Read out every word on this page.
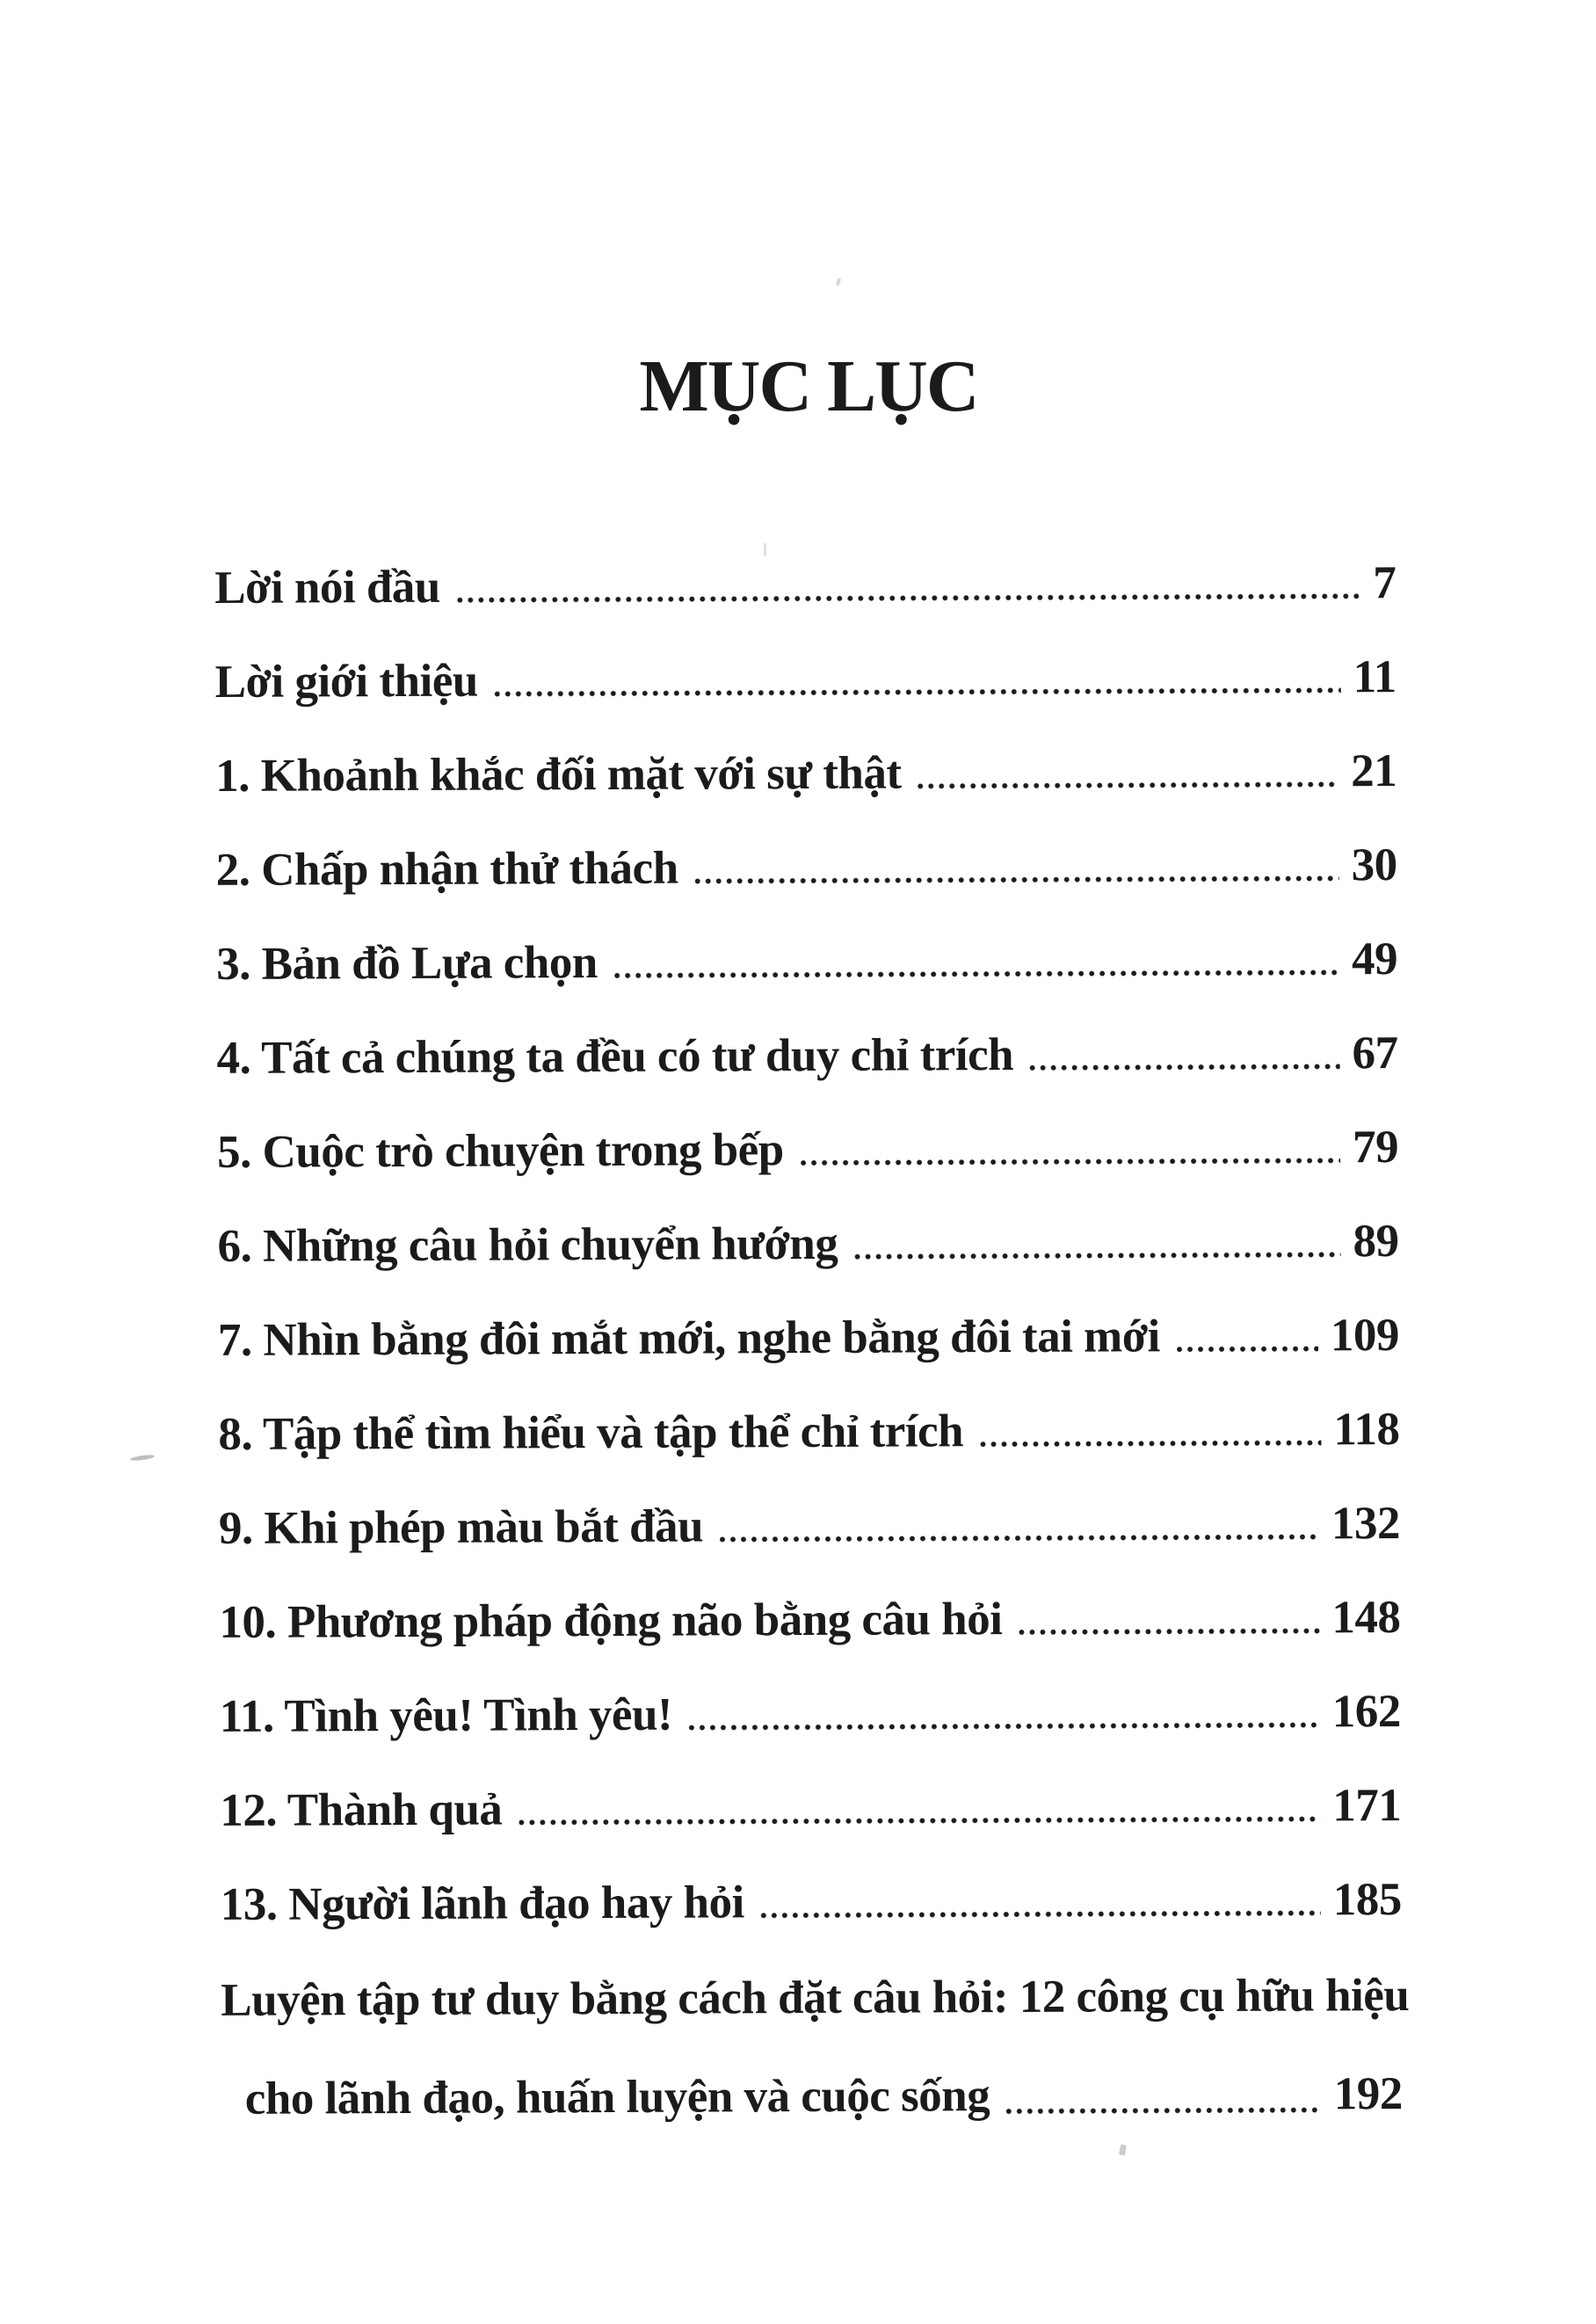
MỤC LỤC
Lời nói đầu	7
Lời giới thiệu	11
1. Khoảnh khắc đối mặt với sự thật	21
2. Chấp nhận thử thách	30
3. Bản đồ Lựa chọn	49
4. Tất cả chúng ta đều có tư duy chỉ trích	67
5. Cuộc trò chuyện trong bếp	79
6. Những câu hỏi chuyển hướng	89
7. Nhìn bằng đôi mắt mới, nghe bằng đôi tai mới	109
8. Tập thể tìm hiểu và tập thể chỉ trích	118
9. Khi phép màu bắt đầu	132
10. Phương pháp động não bằng câu hỏi	148
11. Tình yêu! Tình yêu!	162
12. Thành quả	171
13. Người lãnh đạo hay hỏi	185
Luyện tập tư duy bằng cách đặt câu hỏi: 12 công cụ hữu hiệu
cho lãnh đạo, huấn luyện và cuộc sống	192
